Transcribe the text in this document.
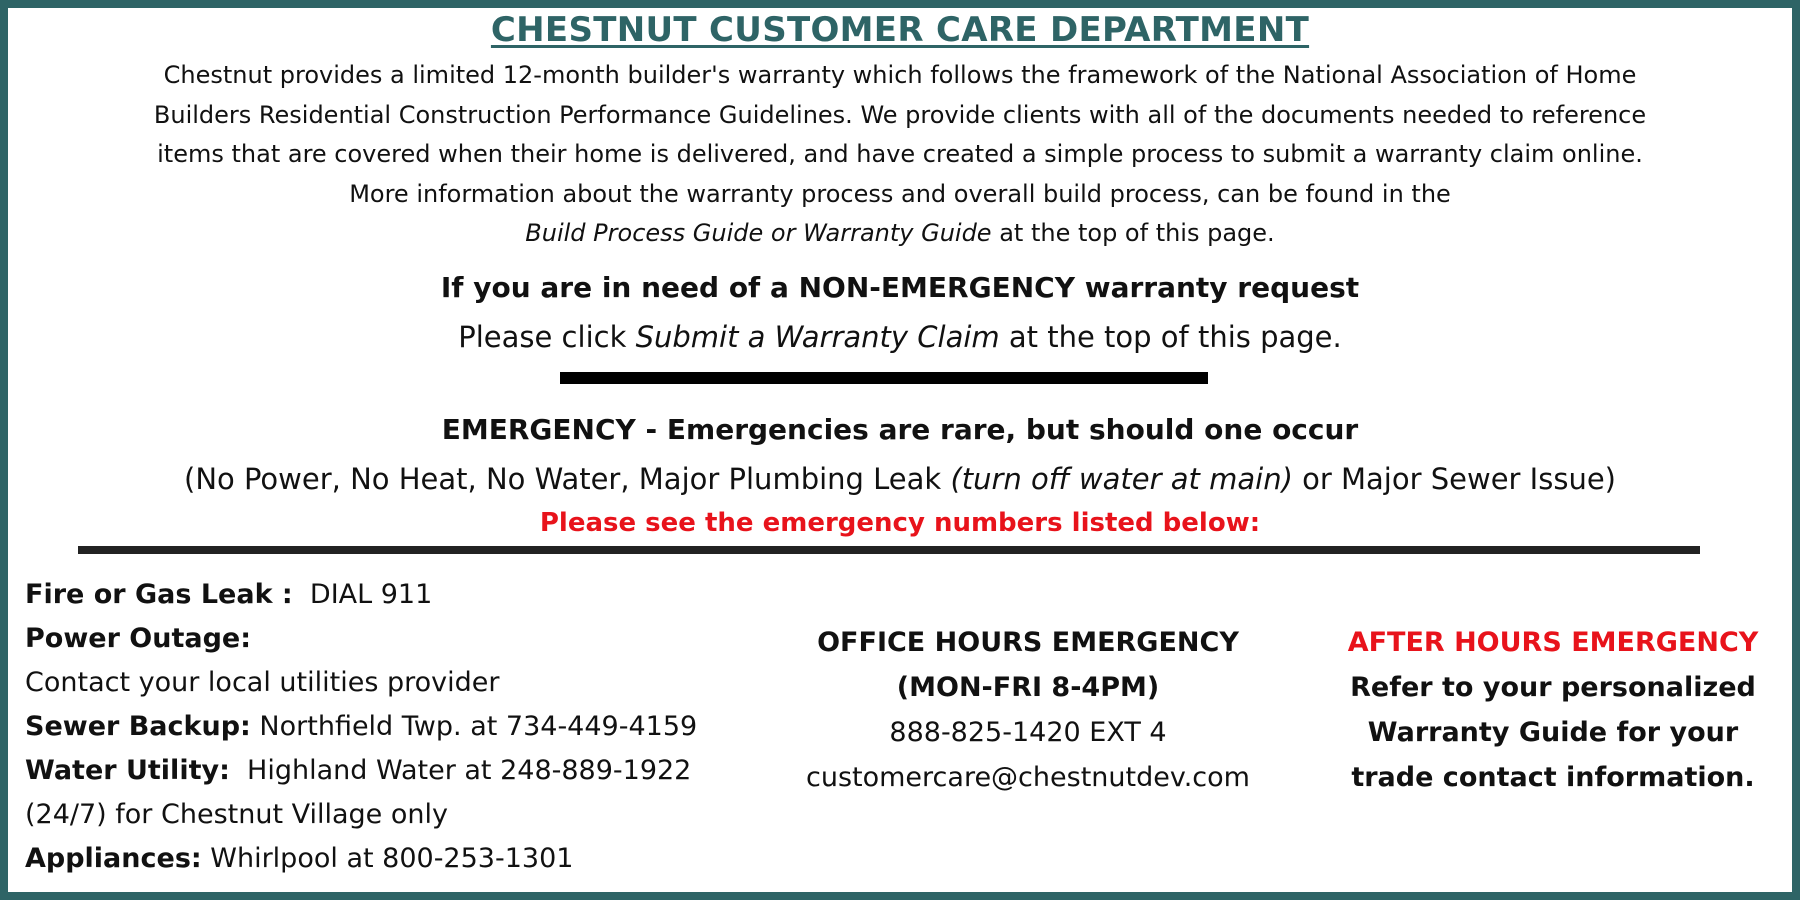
CHESTNUT CUSTOMER CARE DEPARTMENT
Chestnut provides a limited 12-month builder's warranty which follows the framework of the National Association of Home
Builders Residential Construction Performance Guidelines. We provide clients with all of the documents needed to reference
items that are covered when their home is delivered, and have created a simple process to submit a warranty claim online.
More information about the warranty process and overall build process, can be found in the
Build Process Guide or Warranty Guide at the top of this page.
If you are in need of a NON-EMERGENCY warranty request
Please click Submit a Warranty Claim at the top of this page.
EMERGENCY - Emergencies are rare, but should one occur
(No Power, No Heat, No Water, Major Plumbing Leak (turn off water at main) or Major Sewer Issue)
Please see the emergency numbers listed below:
Fire or Gas Leak :  DIAL 911
Power Outage:
Contact your local utilities provider
Sewer Backup: Northfield Twp. at 734-449-4159
Water Utility:  Highland Water at 248-889-1922
(24/7) for Chestnut Village only
Appliances: Whirlpool at 800-253-1301
OFFICE HOURS EMERGENCY
(MON-FRI 8-4PM)
888-825-1420 EXT 4
customercare@chestnutdev.com
AFTER HOURS EMERGENCY
Refer to your personalized
Warranty Guide for your
trade contact information.
